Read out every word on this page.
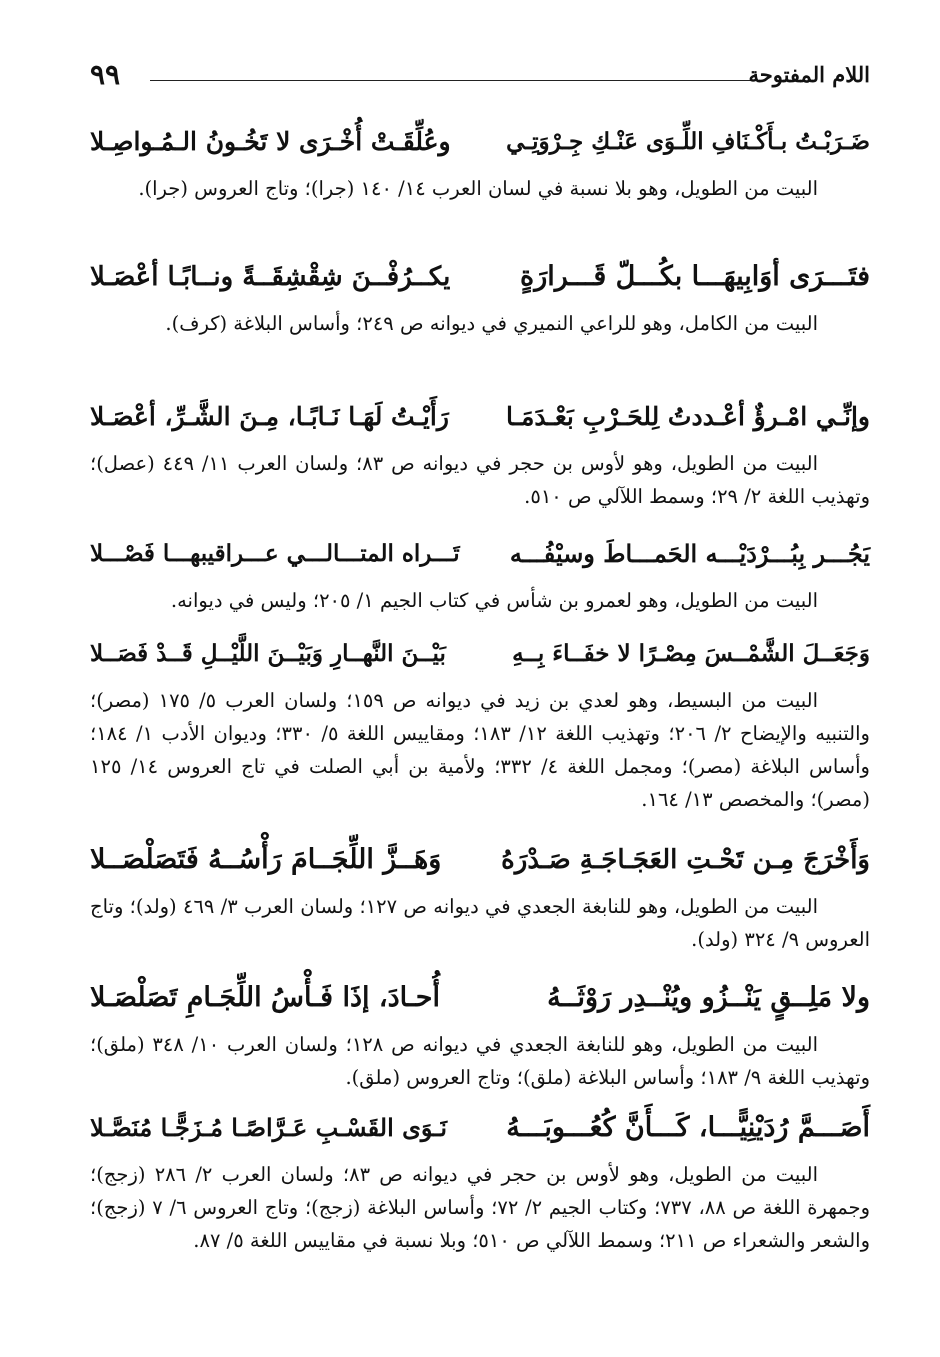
٩٩	اللام المفتوحة
ضَـرَبْـتُ بـأَكْـنَافِ اللِّـوَى عَنْـكِ جِـرْوَتِـي
وعُلِّقَـتْ أُخْـرَى لا تَخُـونُ الـمُـواصِـلا

البيت من الطويل، وهو بلا نسبة في لسان العرب ١٤/ ١٤٠ (جرا)؛ وتاج العروس (جرا).

فتَـــرَى أوَابِيهَـــا بكُـــلّ قَـــرارَةٍ
يكــرُفْــنَ شِقْشِقَــةً ونــابًـا أعْصَـلا

البيت من الكامل، وهو للراعي النميري في ديوانه ص ٢٤٩؛ وأساس البلاغة (كرف).

وإنِّـي امْـرؤٌ أعْـددتُ لِلحَـرْبِ بَعْـدَمَـا
رَأَيْـتُ لَهَـا نَـابًـا، مِـنَ الشَّـرِّ، أعْصَـلا

البيت من الطويل، وهو لأوس بن حجر في ديوانه ص ٨٣؛ ولسان العرب ١١/ ٤٤٩ (عصل)؛ وتهذيب اللغة ٢/ ٢٩؛ وسمط اللآلي ص ٥١٠.

يَجُـــر بِبُـــرْدَيْـــه الحَمـــاطَ وسيْفُـــه
تَـــراه المتـــالـــي عـــراقيبهـــا فَصْـــلا

البيت من الطويل، وهو لعمرو بن شأس في كتاب الجيم ١/ ٢٠٥؛ وليس في ديوانه.

وَجَعَــلَ الشَّمْــسَ مِصْـرًا لا خفَــاءَ بِــهِ
بَيْــنَ النَّهــارِ وَبَيْــنَ اللَّيْــلِ قَــدْ فَصَــلا

البيت من البسيط، وهو لعدي بن زيد في ديوانه ص ١٥٩؛ ولسان العرب ٥/ ١٧٥ (مصر)؛ والتنبيه والإيضاح ٢/ ٢٠٦؛ وتهذيب اللغة ١٢/ ١٨٣؛ ومقاييس اللغة ٥/ ٣٣٠؛ وديوان الأدب ١/ ١٨٤؛ وأساس البلاغة (مصر)؛ ومجمل اللغة ٤/ ٣٣٢؛ ولأمية بن أبي الصلت في تاج العروس ١٤/ ١٢٥ (مصر)؛ والمخصص ١٣/ ١٦٤.

وَأَخْرَجَ مِـن تَحْـتِ العَجَـاجَـةِ صَـدْرَهُ
وَهَــزَّ اللِّجَــامَ رَأْسُــهُ فَتَصَلْصَــلا

البيت من الطويل، وهو للنابغة الجعدي في ديوانه ص ١٢٧؛ ولسان العرب ٣/ ٤٦٩ (ولد)؛ وتاج العروس ٩/ ٣٢٤ (ولد).

ولا مَلِــقٍ يَنْــزُو ويُنْــدِر رَوْثَــهُ
أُحـادَ، إذَا فَـأْسُ اللِّجَـامِ تَصَلْصَـلا

البيت من الطويل، وهو للنابغة الجعدي في ديوانه ص ١٢٨؛ ولسان العرب ١٠/ ٣٤٨ (ملق)؛ وتهذيب اللغة ٩/ ١٨٣؛ وأساس البلاغة (ملق)؛ وتاج العروس (ملق).

أَصَـــمَّ رُدَيْنِيًّـــا، كَـــأَنَّ كُعُـــوبَـــهُ
نَـوَى القَسْـبِ عَـرَّاصًـا مُـزَجًّـا مُنَصَّـلا

البيت من الطويل، وهو لأوس بن حجر في ديوانه ص ٨٣؛ ولسان العرب ٢/ ٢٨٦ (زجج)؛ وجمهرة اللغة ص ٨٨، ٧٣٧؛ وكتاب الجيم ٢/ ٧٢؛ وأساس البلاغة (زجج)؛ وتاج العروس ٦/ ٧ (زجج)؛ والشعر والشعراء ص ٢١١؛ وسمط اللآلي ص ٥١٠؛ وبلا نسبة في مقاييس اللغة ٥/ ٨٧.
